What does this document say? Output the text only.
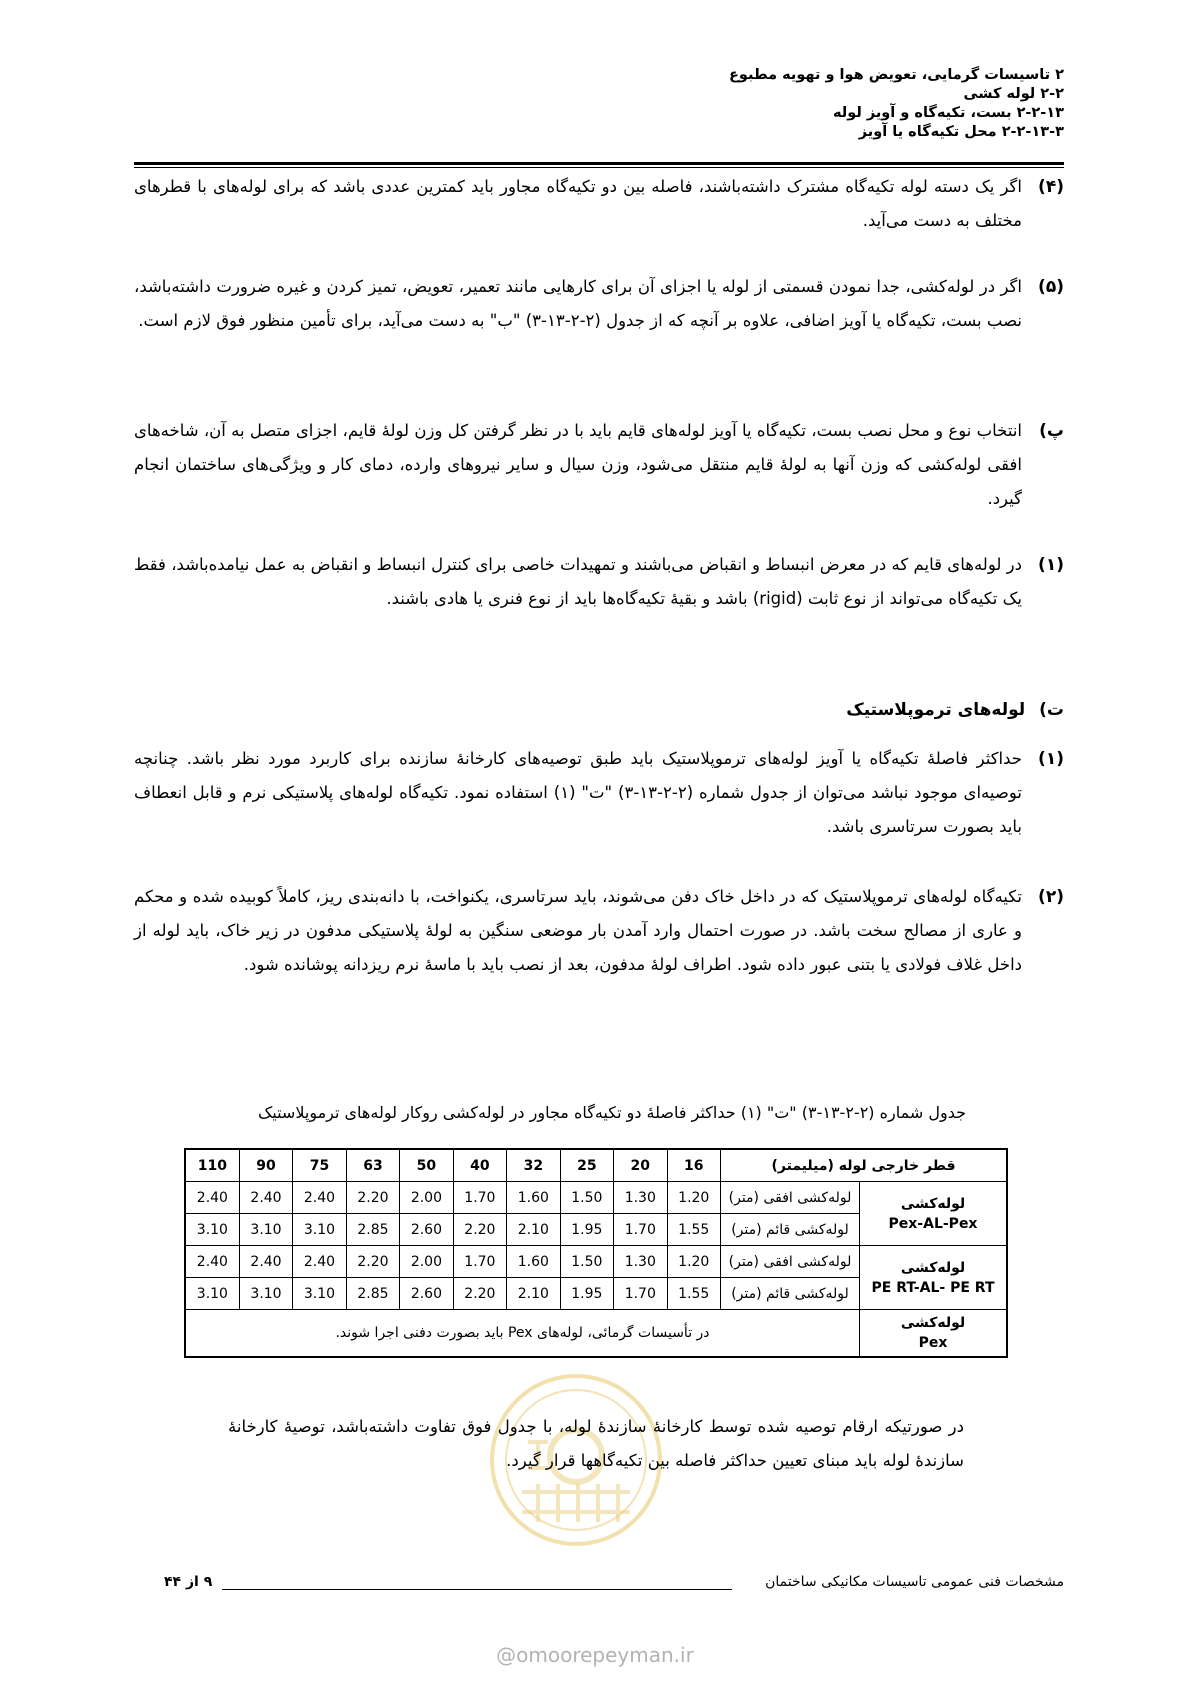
۲ تاسیسات گرمایی، تعویض هوا و تهویه مطبوع
۲-۲ لوله کشی
۲-۲-۱۳ بست، تکیه‌گاه و آویز لوله
۲-۲-۱۳-۳ محل تکیه‌گاه یا آویز
(۴)
اگر یک دسته لوله تکیه‌گاه مشترک داشته‌باشند، فاصله بین دو تکیه‌گاه مجاور باید کمترین عددی باشد که برای لوله‌های با قطرهای مختلف به دست می‌آید.
(۵)
اگر در لوله‌کشی، جدا نمودن قسمتی از لوله یا اجزای آن برای کارهایی مانند تعمیر، تعویض، تمیز کردن و غیره ضرورت داشته‌باشد، نصب بست، تکیه‌گاه یا آویز اضافی، علاوه بر آنچه که از جدول (۲-۲-۱۳-۳) "ب" به دست می‌آید، برای تأمین منظور فوق لازم است.
پ)
انتخاب نوع و محل نصب بست، تکیه‌گاه یا آویز لوله‌های قایم باید با در نظر گرفتن کل وزن لولهٔ قایم، اجزای متصل به آن، شاخه‌های افقی لوله‌کشی که وزن آنها به لولهٔ قایم منتقل می‌شود، وزن سیال و سایر نیروهای وارده، دمای کار و ویژگی‌های ساختمان انجام گیرد.
(۱)
در لوله‌های قایم که در معرض انبساط و انقباض می‌باشند و تمهیدات خاصی برای کنترل انبساط و انقباض به عمل نیامده‌باشد، فقط یک تکیه‌گاه می‌تواند از نوع ثابت (rigid) باشد و بقیهٔ تکیه‌گاه‌ها باید از نوع فنری یا هادی باشند.
ت)لوله‌های ترموپلاستیک
(۱)
حداکثر فاصلهٔ تکیه‌گاه یا آویز لوله‌های ترموپلاستیک باید طبق توصیه‌های کارخانهٔ سازنده برای کاربرد مورد نظر باشد. چنانچه توصیه‌ای موجود نباشد می‌توان از جدول شماره (۲-۲-۱۳-۳) "ت" (۱) استفاده نمود. تکیه‌گاه لوله‌های پلاستیکی نرم و قابل انعطاف باید بصورت سرتاسری باشد.
(۲)
تکیه‌گاه لوله‌های ترموپلاستیک که در داخل خاک دفن می‌شوند، باید سرتاسری، یکنواخت، با دانه‌بندی ریز، کاملاً کوبیده شده و محکم و عاری از مصالح سخت باشد. در صورت احتمال وارد آمدن بار موضعی سنگین به لولهٔ پلاستیکی مدفون در زیر خاک، باید لوله از داخل غلاف فولادی یا بتنی عبور داده شود. اطراف لولهٔ مدفون، بعد از نصب باید با ماسهٔ نرم ریزدانه پوشانده شود.
جدول شماره (۲-۲-۱۳-۳) "ت" (۱) حداکثر فاصلهٔ دو تکیه‌گاه مجاور در لوله‌کشی روکار لوله‌های ترموپلاستیک
قطر خارجی لوله (میلیمتر)		16	20	25	32	40	50	63	75	90	110

لوله‌کشی
Pex-AL-Pex	لوله‌کشی افقی (متر)	1.20	1.30	1.50	1.60	1.70	2.00	2.20	2.40	2.40	2.40
	لوله‌کشی قائم (متر)	1.55	1.70	1.95	2.10	2.20	2.60	2.85	3.10	3.10	3.10

لوله‌کشی
PE RT-AL- PE RT	لوله‌کشی افقی (متر)	1.20	1.30	1.50	1.60	1.70	2.00	2.20	2.40	2.40	2.40
	لوله‌کشی قائم (متر)	1.55	1.70	1.95	2.10	2.20	2.60	2.85	3.10	3.10	3.10

لوله‌کشی
Pex	در تأسیسات گرمائی، لوله‌های Pex باید بصورت دفنی اجرا شوند.										
در صورتیکه ارقام توصیه شده توسط کارخانهٔ سازندهٔ لوله، با جدول فوق تفاوت داشته‌باشد، توصیهٔ کارخانهٔ سازندهٔ لوله باید مبنای تعیین حداکثر فاصله بین تکیه‌گاهها قرار گیرد.
مشخصات فنی عمومی تاسیسات مکانیکی ساختمان
۹ از ۴۴
@omoorepeyman.ir
